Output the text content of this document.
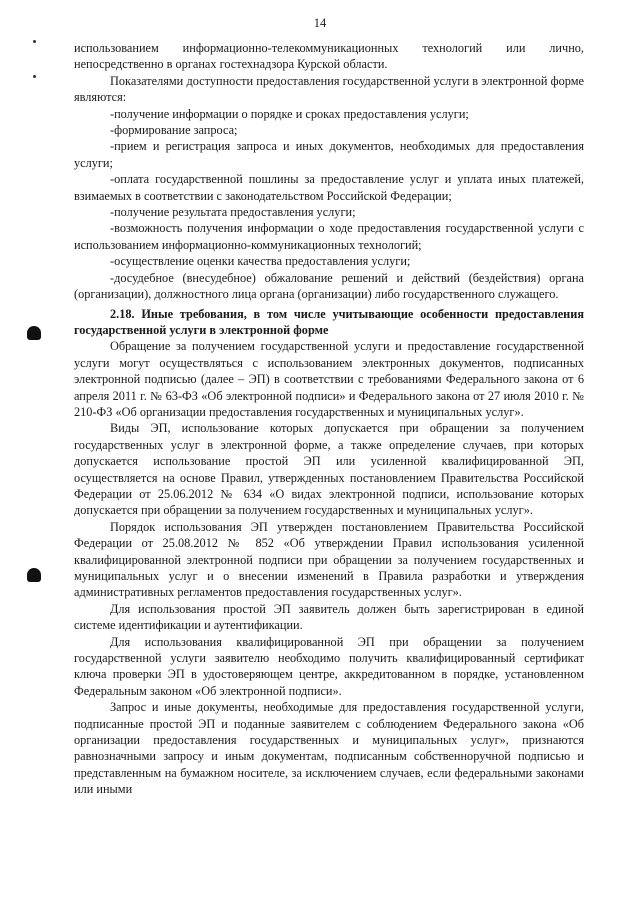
14

использованием информационно-телекоммуникационных технологий или лично, непосредственно в органах гостехнадзора Курской области.

Показателями доступности предоставления государственной услуги в электронной форме являются:

-получение информации о порядке и сроках предоставления услуги;

-формирование запроса;

-прием и регистрация запроса и иных документов, необходимых для предоставления услуги;

-оплата государственной пошлины за предоставление услуг и уплата иных платежей, взимаемых в соответствии с законодательством Российской Федерации;

-получение результата предоставления услуги;

-возможность получения информации о ходе предоставления государственной услуги с использованием информационно-коммуникационных технологий;

-осуществление оценки качества предоставления услуги;

-досудебное (внесудебное) обжалование решений и действий (бездействия) органа (организации), должностного лица органа (организации) либо государственного служащего.

2.18. Иные требования, в том числе учитывающие особенности предоставления государственной услуги в электронной форме

Обращение за получением государственной услуги и предоставление государственной услуги могут осуществляться с использованием электронных документов, подписанных электронной подписью (далее – ЭП) в соответствии с требованиями Федерального закона от 6 апреля 2011 г. № 63-ФЗ «Об электронной подписи» и Федерального закона от 27 июля 2010 г. № 210-ФЗ «Об организации предоставления государственных и муниципальных услуг».

Виды ЭП, использование которых допускается при обращении за получением государственных услуг в электронной форме, а также определение случаев, при которых допускается использование простой ЭП или усиленной квалифицированной ЭП, осуществляется на основе Правил, утвержденных постановлением Правительства Российской Федерации от 25.06.2012 № 634 «О видах электронной подписи, использование которых допускается при обращении за получением государственных и муниципальных услуг».

Порядок использования ЭП утвержден постановлением Правительства Российской Федерации от 25.08.2012 № 852 «Об утверждении Правил использования усиленной квалифицированной электронной подписи при обращении за получением государственных и муниципальных услуг и о внесении изменений в Правила разработки и утверждения административных регламентов предоставления государственных услуг».

Для использования простой ЭП заявитель должен быть зарегистрирован в единой системе идентификации и аутентификации.

Для использования квалифицированной ЭП при обращении за получением государственной услуги заявителю необходимо получить квалифицированный сертификат ключа проверки ЭП в удостоверяющем центре, аккредитованном в порядке, установленном Федеральным законом «Об электронной подписи».

Запрос и иные документы, необходимые для предоставления государственной услуги, подписанные простой ЭП и поданные заявителем с соблюдением Федерального закона «Об организации предоставления государственных и муниципальных услуг», признаются равнозначными запросу и иным документам, подписанным собственноручной подписью и представленным на бумажном носителе, за исключением случаев, если федеральными законами или иными
